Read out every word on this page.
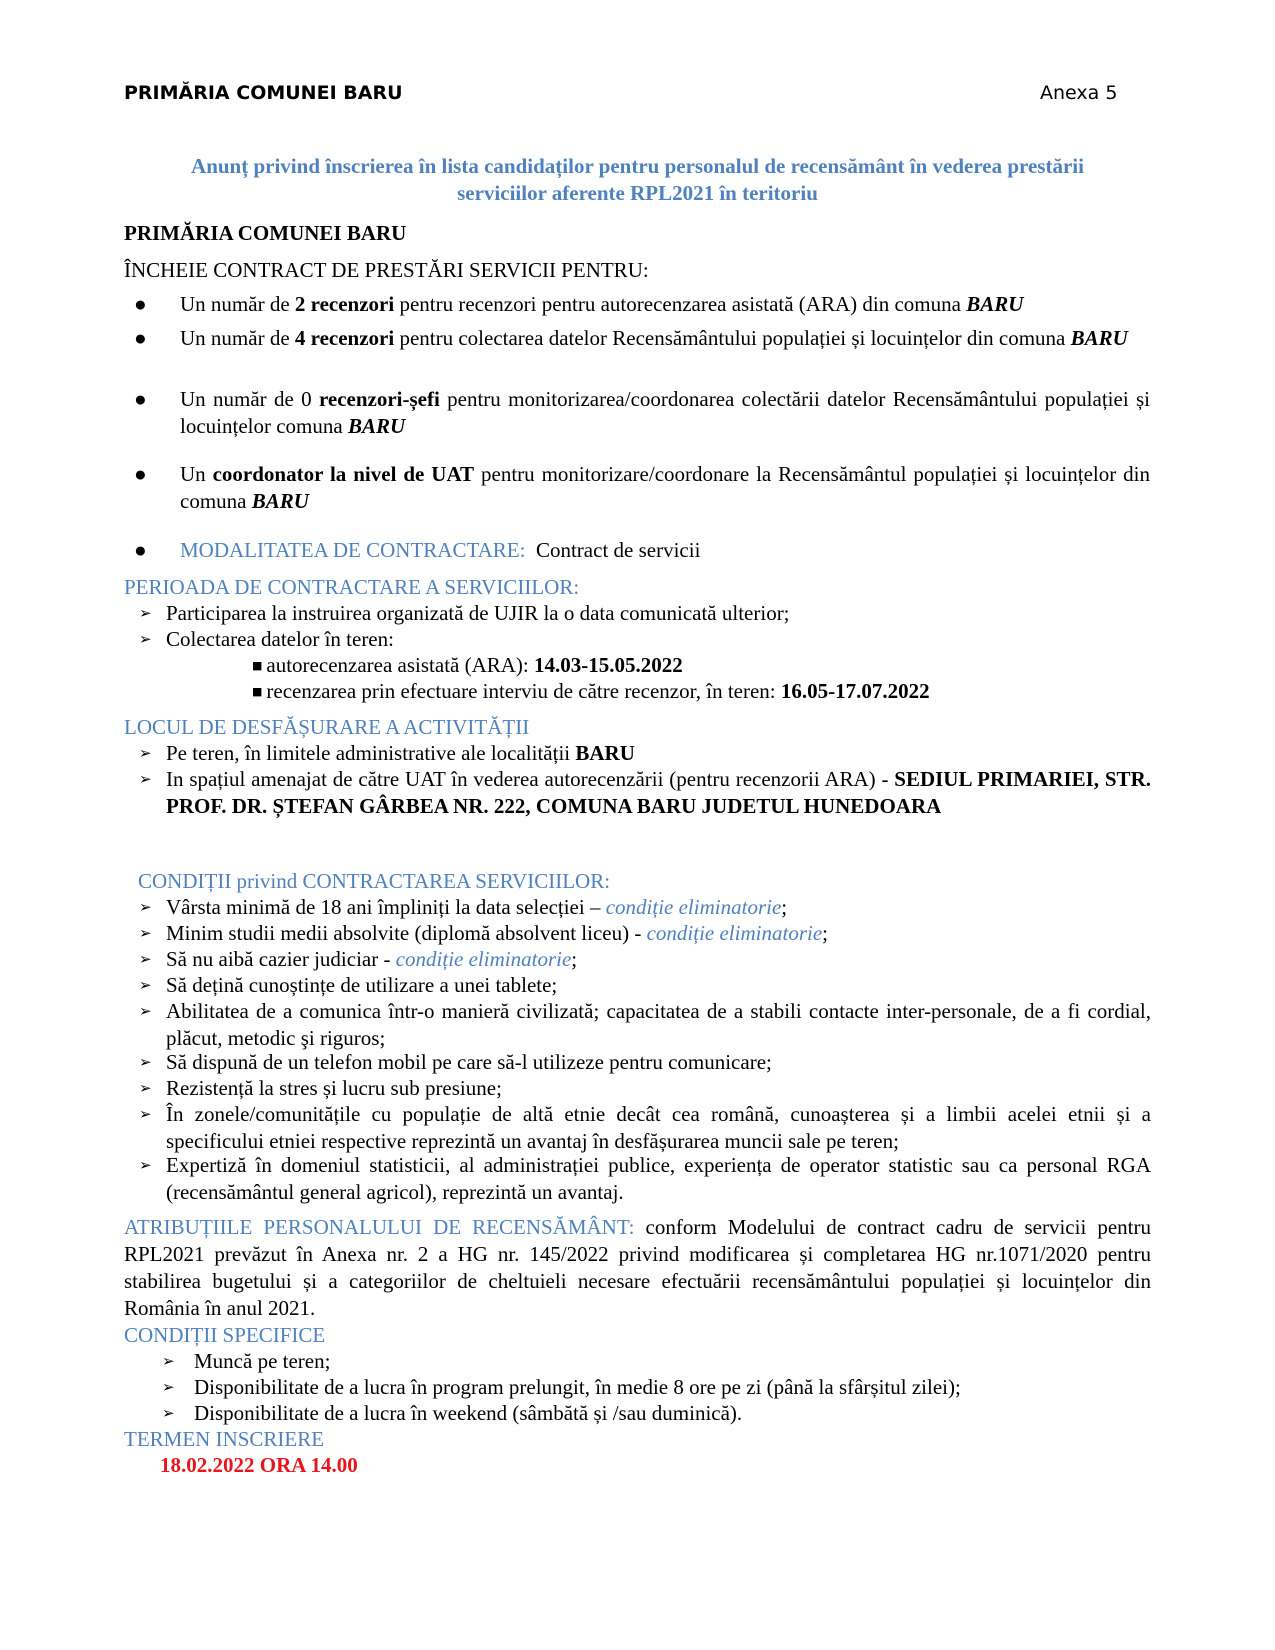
PRIMĂRIA COMUNEI BARU	Anexa 5
Anunț privind înscrierea în lista candidaților pentru personalul de recensământ în vederea prestării
serviciilor aferente RPL2021 în teritoriu
PRIMĂRIA COMUNEI BARU
ÎNCHEIE CONTRACT DE PRESTĂRI SERVICII PENTRU:
● Un număr de 2 recenzori pentru recenzori pentru autorecenzarea asistată (ARA) din comuna BARU
● Un număr de 4 recenzori pentru colectarea datelor Recensământului populației și locuințelor din comuna BARU
● Un număr de 0 recenzori-șefi pentru monitorizarea/coordonarea colectării datelor Recensământului populației și locuințelor comuna BARU
● Un coordonator la nivel de UAT pentru monitorizare/coordonare la Recensământul populației și locuințelor din comuna BARU
● MODALITATEA DE CONTRACTARE: Contract de servicii
PERIOADA DE CONTRACTARE A SERVICIILOR:
➢ Participarea la instruirea organizată de UJIR la o data comunicată ulterior;
➢ Colectarea datelor în teren:
■ autorecenzarea asistată (ARA): 14.03-15.05.2022
■ recenzarea prin efectuare interviu de către recenzor, în teren: 16.05-17.07.2022
LOCUL DE DESFĂȘURARE A ACTIVITĂȚII
➢ Pe teren, în limitele administrative ale localității BARU
➢ In spațiul amenajat de către UAT în vederea autorecenzării (pentru recenzorii ARA) - SEDIUL PRIMARIEI, STR. PROF. DR. ȘTEFAN GÂRBEA NR. 222, COMUNA BARU JUDETUL HUNEDOARA
CONDIȚII privind CONTRACTAREA SERVICIILOR:
➢ Vârsta minimă de 18 ani împliniți la data selecției – condiție eliminatorie;
➢ Minim studii medii absolvite (diplomă absolvent liceu) - condiție eliminatorie;
➢ Să nu aibă cazier judiciar - condiție eliminatorie;
➢ Să dețină cunoștințe de utilizare a unei tablete;
➢ Abilitatea de a comunica într-o manieră civilizată; capacitatea de a stabili contacte inter-personale, de a fi cordial, plăcut, metodic şi riguros;
➢ Să dispună de un telefon mobil pe care să-l utilizeze pentru comunicare;
➢ Rezistență la stres și lucru sub presiune;
➢ În zonele/comunitățile cu populație de altă etnie decât cea română, cunoașterea și a limbii acelei etnii și a specificului etniei respective reprezintă un avantaj în desfășurarea muncii sale pe teren;
➢ Expertiză în domeniul statisticii, al administrației publice, experiența de operator statistic sau ca personal RGA (recensământul general agricol), reprezintă un avantaj.
ATRIBUȚIILE PERSONALULUI DE RECENSĂMÂNT: conform Modelului de contract cadru de servicii pentru RPL2021 prevăzut în Anexa nr. 2 a HG nr. 145/2022 privind modificarea și completarea HG nr.1071/2020 pentru stabilirea bugetului și a categoriilor de cheltuieli necesare efectuării recensământului populației și locuințelor din România în anul 2021.
CONDIȚII SPECIFICE
➢ Muncă pe teren;
➢ Disponibilitate de a lucra în program prelungit, în medie 8 ore pe zi (până la sfârșitul zilei);
➢ Disponibilitate de a lucra în weekend (sâmbătă și /sau duminică).
TERMEN INSCRIERE
18.02.2022 ORA 14.00
